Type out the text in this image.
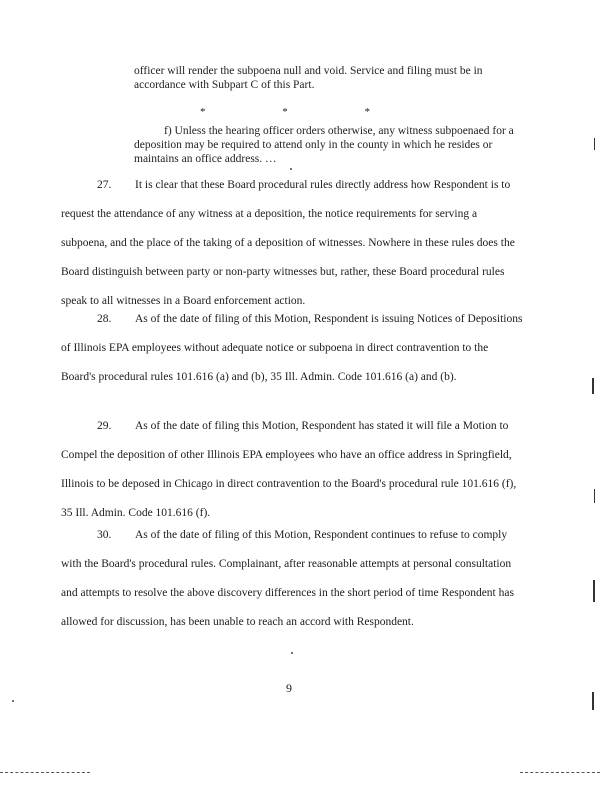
officer will render the subpoena null and void. Service and filing must be in accordance with Subpart C of this Part.
*	*	*
f) Unless the hearing officer orders otherwise, any witness subpoenaed for a deposition may be required to attend only in the county in which he resides or maintains an office address. …
27. It is clear that these Board procedural rules directly address how Respondent is to request the attendance of any witness at a deposition, the notice requirements for serving a subpoena, and the place of the taking of a deposition of witnesses. Nowhere in these rules does the Board distinguish between party or non-party witnesses but, rather, these Board procedural rules speak to all witnesses in a Board enforcement action.
28. As of the date of filing of this Motion, Respondent is issuing Notices of Depositions of Illinois EPA employees without adequate notice or subpoena in direct contravention to the Board's procedural rules 101.616 (a) and (b), 35 Ill. Admin. Code 101.616 (a) and (b).
29. As of the date of filing this Motion, Respondent has stated it will file a Motion to Compel the deposition of other Illinois EPA employees who have an office address in Springfield, Illinois to be deposed in Chicago in direct contravention to the Board's procedural rule 101.616 (f), 35 Ill. Admin. Code 101.616 (f).
30. As of the date of filing of this Motion, Respondent continues to refuse to comply with the Board's procedural rules. Complainant, after reasonable attempts at personal consultation and attempts to resolve the above discovery differences in the short period of time Respondent has allowed for discussion, has been unable to reach an accord with Respondent.
9
